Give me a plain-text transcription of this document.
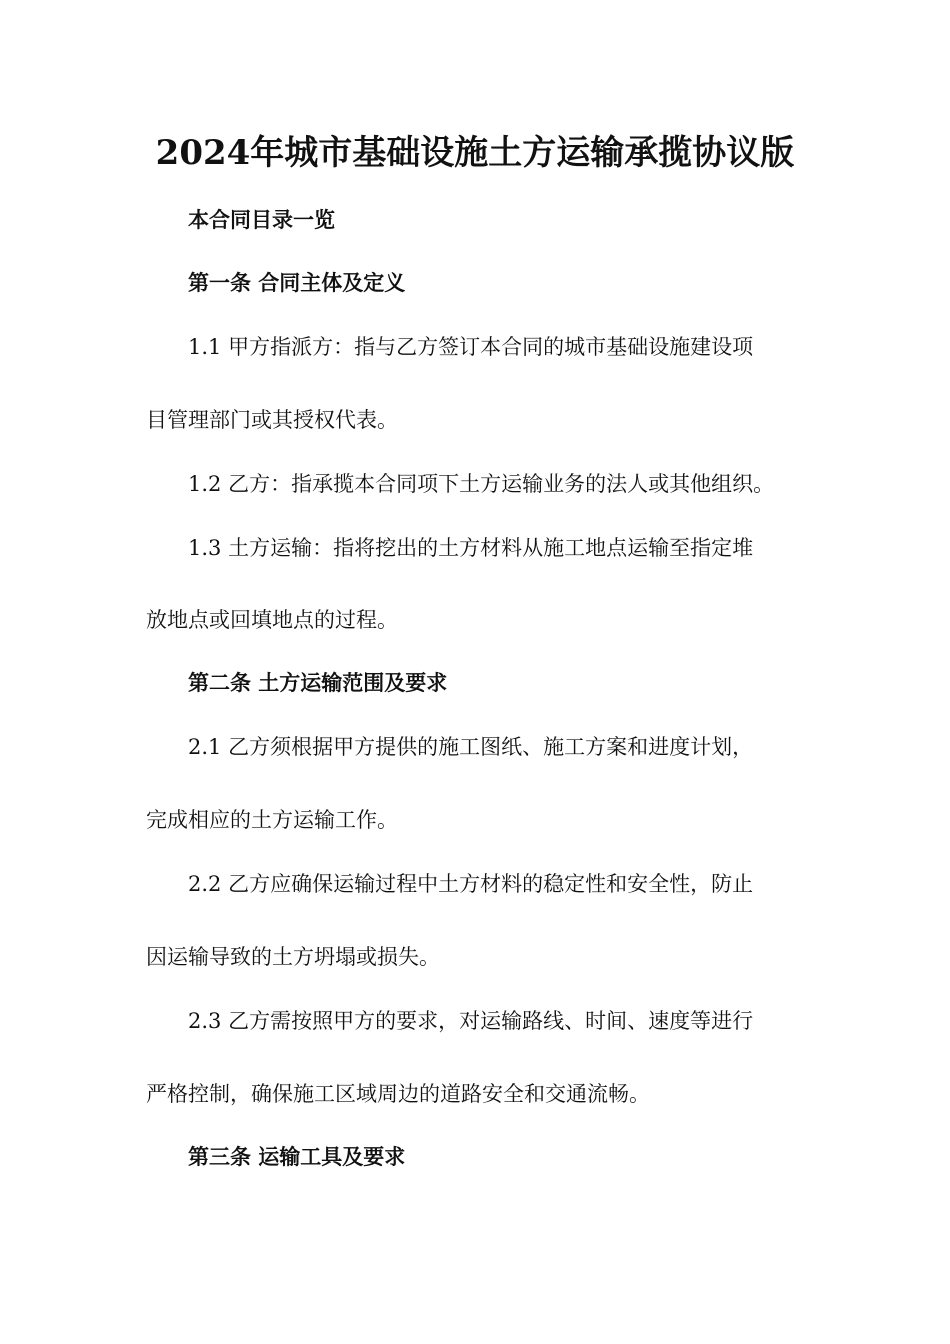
2024年城市基础设施土方运输承揽协议版
本合同目录一览
第一条 合同主体及定义
1.1 甲方指派方：指与乙方签订本合同的城市基础设施建设项
目管理部门或其授权代表。
1.2 乙方：指承揽本合同项下土方运输业务的法人或其他组织。
1.3 土方运输：指将挖出的土方材料从施工地点运输至指定堆
放地点或回填地点的过程。
第二条 土方运输范围及要求
2.1 乙方须根据甲方提供的施工图纸、施工方案和进度计划，
完成相应的土方运输工作。
2.2 乙方应确保运输过程中土方材料的稳定性和安全性，防止
因运输导致的土方坍塌或损失。
2.3 乙方需按照甲方的要求，对运输路线、时间、速度等进行
严格控制，确保施工区域周边的道路安全和交通流畅。
第三条 运输工具及要求
